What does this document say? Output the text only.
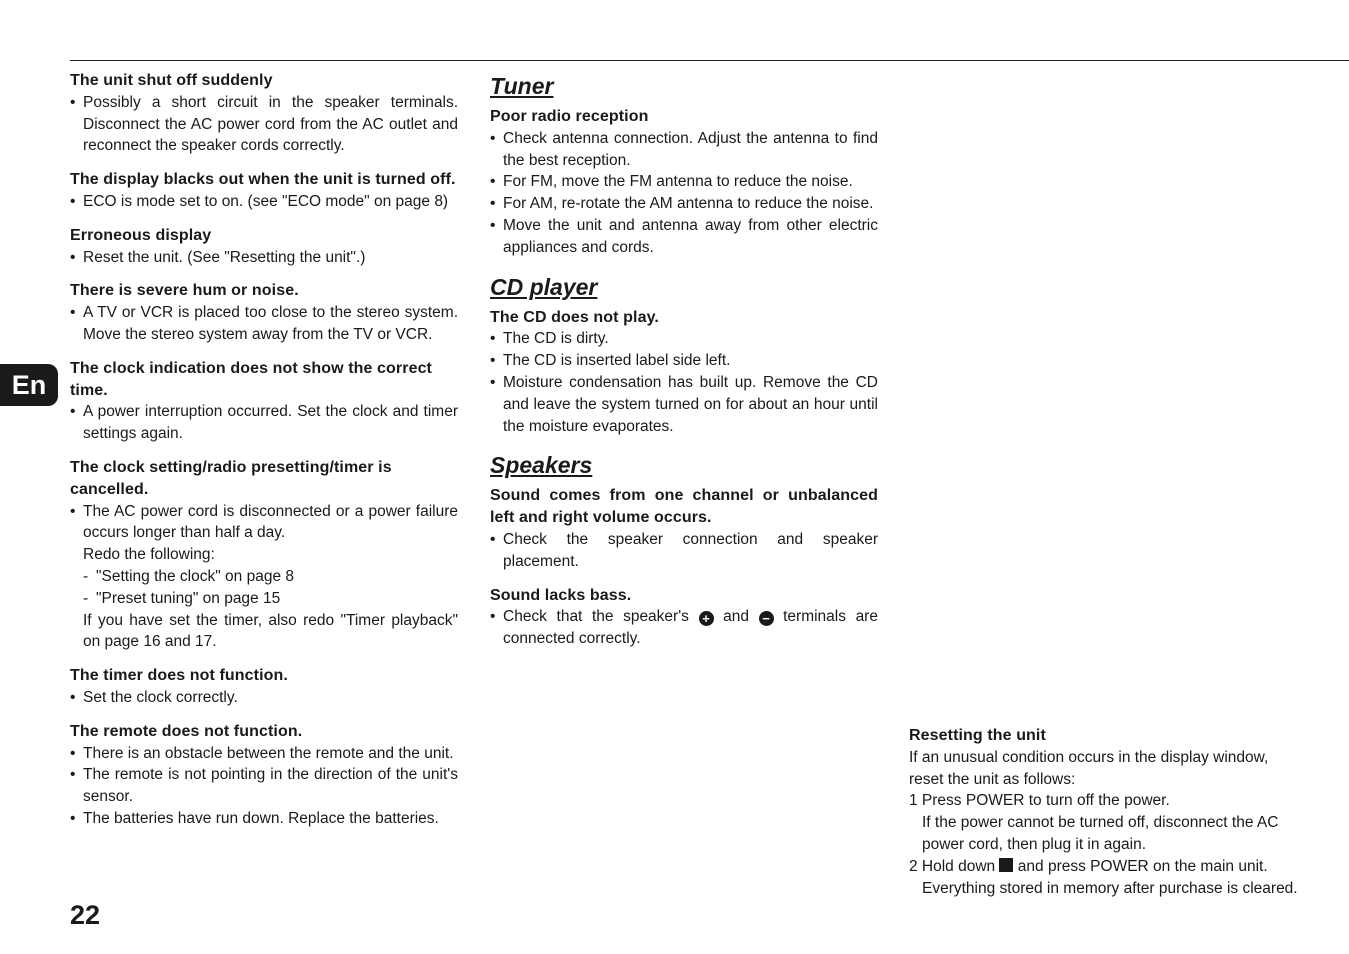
En
The unit shut off suddenly
• Possibly a short circuit in the speaker terminals. Disconnect the AC power cord from the AC outlet and reconnect the speaker cords correctly.
The display blacks out when the unit is turned off.
• ECO is mode set to on. (see "ECO mode" on page 8)
Erroneous display
• Reset the unit. (See "Resetting the unit".)
There is severe hum or noise.
• A TV or VCR is placed too close to the stereo system. Move the stereo system away from the TV or VCR.
The clock indication does not show the correct time.
• A power interruption occurred. Set the clock and timer settings again.
The clock setting/radio presetting/timer is cancelled.
• The AC power cord is disconnected or a power failure occurs longer than half a day.
Redo the following:
- "Setting the clock" on page 8
- "Preset tuning" on page 15
If you have set the timer, also redo "Timer playback" on page 16 and 17.
The timer does not function.
• Set the clock correctly.
The remote does not function.
• There is an obstacle between the remote and the unit.
• The remote is not pointing in the direction of the unit's sensor.
• The batteries have run down. Replace the batteries.
Tuner
Poor radio reception
• Check antenna connection. Adjust the antenna to find the best reception.
• For FM, move the FM antenna to reduce the noise.
• For AM, re-rotate the AM antenna to reduce the noise.
• Move the unit and antenna away from other electric appliances and cords.
CD player
The CD does not play.
• The CD is dirty.
• The CD is inserted label side left.
• Moisture condensation has built up. Remove the CD and leave the system turned on for about an hour until the moisture evaporates.
Speakers
Sound comes from one channel or unbalanced left and right volume occurs.
• Check the speaker connection and speaker placement.
Sound lacks bass.
• Check that the speaker's + and − terminals are connected correctly.
Resetting the unit
If an unusual condition occurs in the display window, reset the unit as follows:
1 Press POWER to turn off the power.
If the power cannot be turned off, disconnect the AC power cord, then plug it in again.
2 Hold down and press POWER on the main unit.
Everything stored in memory after purchase is cleared.
22
